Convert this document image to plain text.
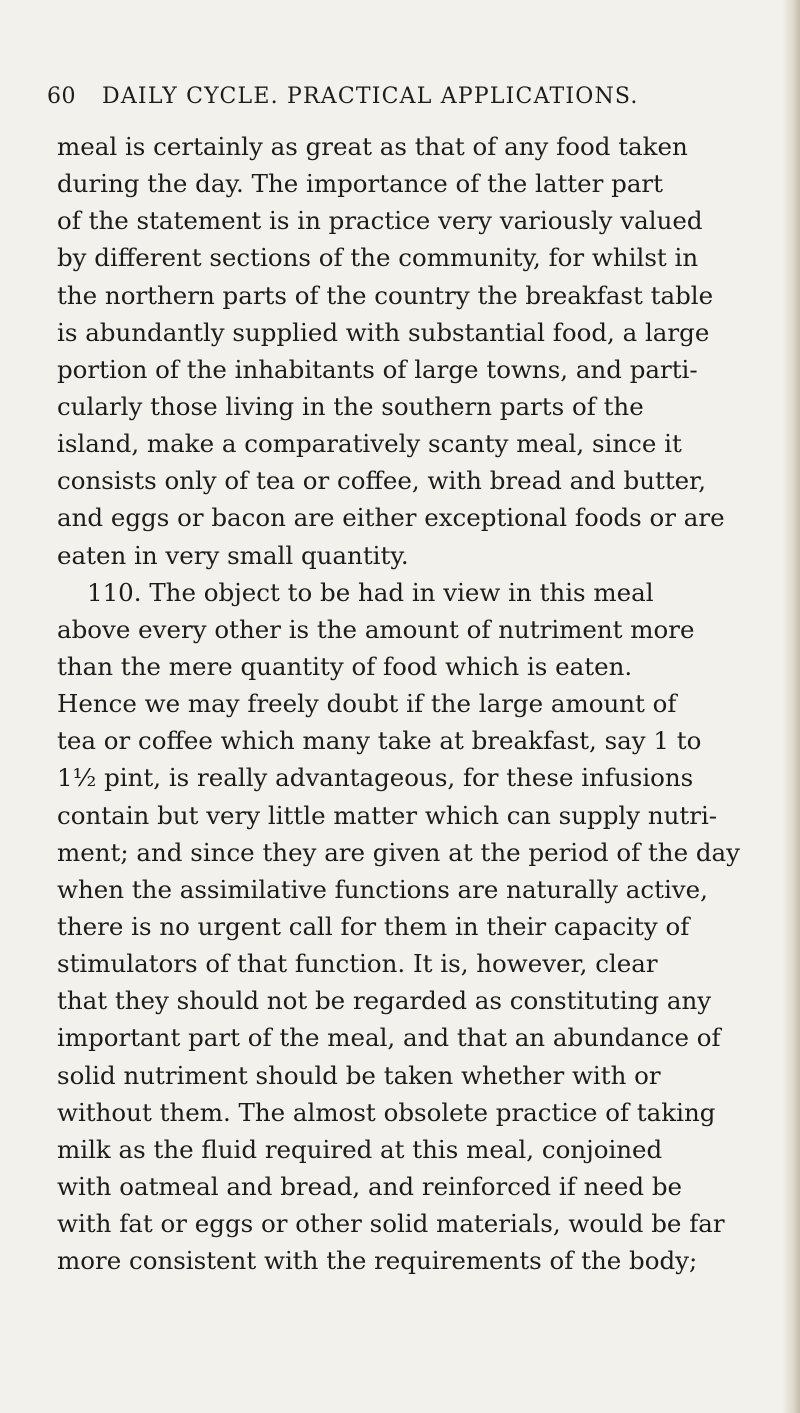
60 DAILY CYCLE. PRACTICAL APPLICATIONS.
meal is certainly as great as that of any food taken
during the day. The importance of the latter part
of the statement is in practice very variously valued
by different sections of the community, for whilst in
the northern parts of the country the breakfast table
is abundantly supplied with substantial food, a large
portion of the inhabitants of large towns, and parti-
cularly those living in the southern parts of the
island, make a comparatively scanty meal, since it
consists only of tea or coffee, with bread and butter,
and eggs or bacon are either exceptional foods or are
eaten in very small quantity.
110. The object to be had in view in this meal
above every other is the amount of nutriment more
than the mere quantity of food which is eaten.
Hence we may freely doubt if the large amount of
tea or coffee which many take at breakfast, say 1 to
1½ pint, is really advantageous, for these infusions
contain but very little matter which can supply nutri-
ment; and since they are given at the period of the day
when the assimilative functions are naturally active,
there is no urgent call for them in their capacity of
stimulators of that function. It is, however, clear
that they should not be regarded as constituting any
important part of the meal, and that an abundance of
solid nutriment should be taken whether with or
without them. The almost obsolete practice of taking
milk as the fluid required at this meal, conjoined
with oatmeal and bread, and reinforced if need be
with fat or eggs or other solid materials, would be far
more consistent with the requirements of the body;
